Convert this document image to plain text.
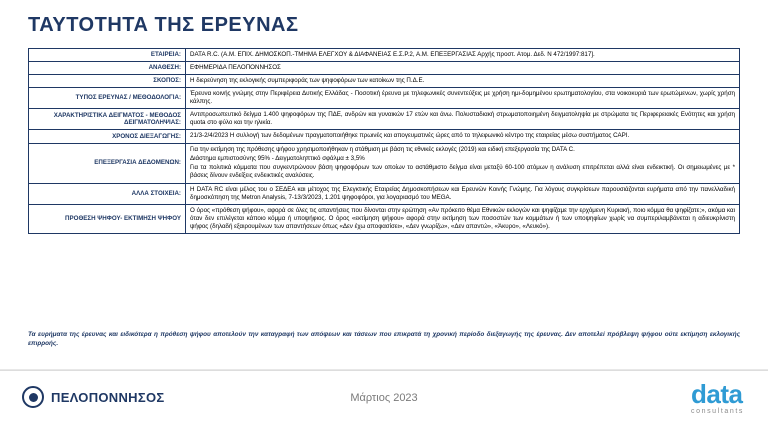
ΤΑΥΤΟΤΗΤΑ ΤΗΣ ΕΡΕΥΝΑΣ
ΕΤΑΙΡΕΙΑ:	DATA R.C. (Α.Μ. ΕΠΙΧ. ΔΗΜΟΣΚΟΠ.-ΤΜΗΜΑ ΕΛΕΓΧΟΥ & ΔΙΑΦΑΝΕΙΑΣ Ε.Σ.Ρ.2, Α.Μ. ΕΠΕΞΕΡΓΑΣΙΑΣ Αρχής προστ. Ατομ. Δεδ. Ν 472/1997:817].
ΑΝΑΘΕΣΗ:	ΕΦΗΜΕΡΙΔΑ ΠΕΛΟΠΟΝΝΗΣΟΣ
ΣΚΟΠΟΣ:	Η διερεύνηση της εκλογικής συμπεριφοράς των ψηφοφόρων των κατοίκων της Π.Δ.Ε.
ΤΥΠΟΣ ΕΡΕΥΝΑΣ / ΜΕΘΟΔΟΛΟΓΙΑ:	Έρευνα κοινής γνώμης στην Περιφέρεια Δυτικής Ελλάδας - Ποσοτική έρευνα με τηλεφωνικές συνεντεύξεις με χρήση ημι-δομημένου ερωτηματολογίου, στα νοικοκυριά των ερωτώμενων, χωρίς χρήση κάλπης.
ΧΑΡΑΚΤΗΡΙΣΤΙΚΑ ΔΕΙΓΜΑΤΟΣ - ΜΕΘΟΔΟΣ ΔΕΙΓΜΑΤΟΛΗΨΙΑΣ:	Αντιπροσωπευτικό δείγμα 1.400 ψηφοφόρων της ΠΔΕ, ανδρών και γυναικών 17 ετών και άνω. Πολυσταδιακή στρωματοποιημένη δειγματοληψία με στρώματα τις Περιφερειακές Ενότητες και χρήση quota στο φύλο και την ηλικία.
ΧΡΟΝΟΣ ΔΙΕΞΑΓΩΓΗΣ:	21/3-2/4/2023 Η συλλογή των δεδομένων πραγματοποιήθηκε πρωινές και απογευματινές ώρες από το τηλεφωνικό κέντρο της εταιρείας μέσω συστήματος CAPI.
ΕΠΕΞΕΡΓΑΣΙΑ ΔΕΔΟΜΕΝΩΝ:	Για την εκτίμηση της πρόθεσης ψήφου χρησιμοποιήθηκαν η στάθμιση με βάση τις εθνικές εκλογές (2019) και ειδική επεξεργασία της DATA C.

Διάστημα εμπιστοσύνης 95% - Δειγματοληπτικό σφάλμα ± 3,5%

Για τα πολιτικά κόμματα που συγκεντρώνουν βάση ψηφοφόρων των οποίων το αστάθμιστο δείγμα είναι μεταξύ 60-100 ατόμων η ανάλυση επιτρέπεται αλλά είναι ενδεικτική. Οι σημειωμένες με * βάσεις δίνουν ενδείξεις ενδεικτικές αναλύσεις.

ΑΛΛΑ ΣΤΟΙΧΕΙΑ:	Η DATA RC είναι μέλος του ο ΣΕΔΕΑ και μέτοχος της Ελεγκτικής Εταιρείας Δημοσκοπήσεων και Ερευνών Κοινής Γνώμης. Για λόγους συγκρίσεων παρουσιάζονται ευρήματα από την πανελλαδική δημοσκόπηση της Metron Analysis, 7-13/3/2023, 1.201 ψηφοφόροι, για λογαριασμό του MEGA.
ΠΡΟΘΕΣΗ ΨΗΦΟΥ- ΕΚΤΙΜΗΣΗ ΨΗΦΟΥ	Ο όρος «πρόθεση ψήφου», αφορά σε όλες τις απαντήσεις που δίνονται στην ερώτηση «Αν πρόκειτο θέμα Εθνικών εκλογών και ψηφίζαμε την ερχόμενη Κυριακή, ποιο κόμμα θα ψηφίζατε;», ακόμα και όταν δεν επιλέγεται κάποιο κόμμα ή υποψήφιος. Ο όρος «εκτίμηση ψήφου» αφορά στην εκτίμηση των ποσοστών των κομμάτων ή των υποψηφίων χωρίς να συμπεριλαμβάνεται η αδιευκρίνιστη ψήφος (δηλαδή εξαιρουμένων των απαντήσεων όπως «Δεν έχω αποφασίσει», «Δεν γνωρίζω», «Δεν απαντώ», «Άκυρο», «Λευκό»).
Τα ευρήματα της έρευνας και ειδικότερα η πρόθεση ψήφου αποτελούν την καταγραφή των απόψεων και τάσεων που επικρατά τη χρονική περίοδο διεξαγωγής της έρευνας. Δεν αποτελεί πρόβλεψη ψήφου ούτε εκτίμηση εκλογικής επιρροής.
ΠΕΛΟΠΟΝΝΗΣΟΣ	Μάρτιος 2023	data
consultants
